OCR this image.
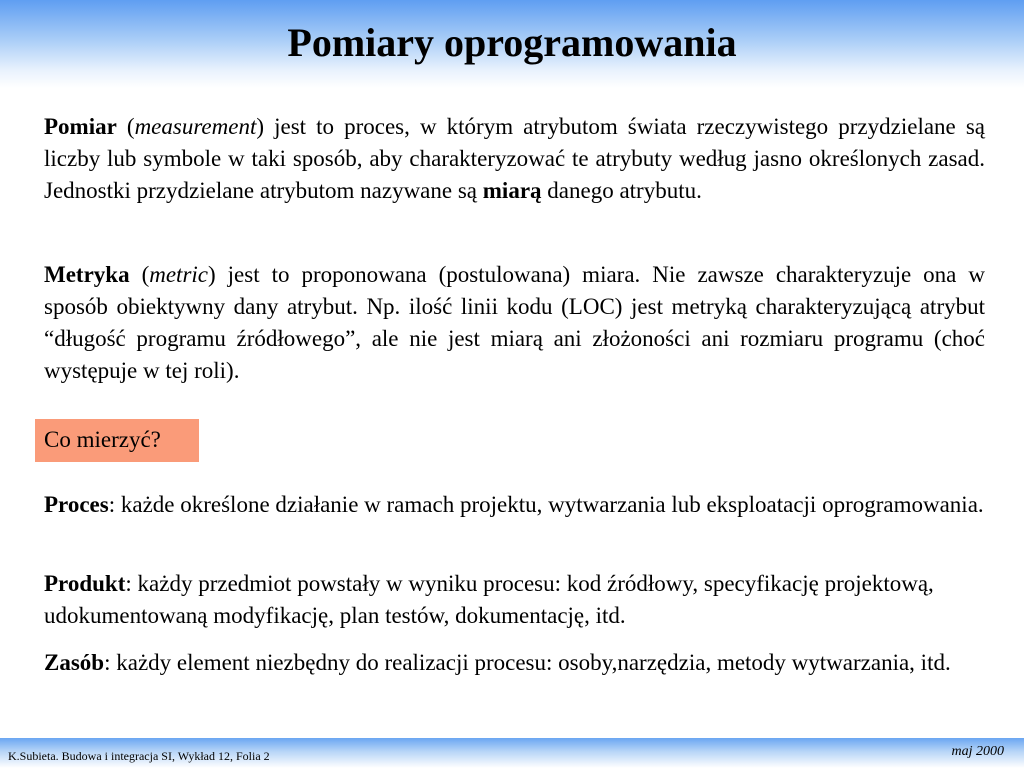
Pomiary oprogramowania

Pomiar (measurement) jest to proces, w którym atrybutom świata rzeczywistego przydzielane są liczby lub symbole w taki sposób, aby charakteryzować te atrybuty według jasno określonych zasad. Jednostki przydzielane atrybutom nazywane są miarą danego atrybutu.

Metryka (metric) jest to proponowana (postulowana) miara. Nie zawsze charakteryzuje ona w sposób obiektywny dany atrybut. Np. ilość linii kodu (LOC) jest metryką charakteryzującą atrybut “długość programu źródłowego”, ale nie jest miarą ani złożoności ani rozmiaru programu (choć występuje w tej roli).

Co mierzyć?

Proces: każde określone działanie w ramach projektu, wytwarzania lub eksploatacji oprogramowania.

Produkt: każdy przedmiot powstały w wyniku procesu: kod źródłowy, specyfikację projektową, udokumentowaną modyfikację, plan testów, dokumentację, itd.

Zasób: każdy element niezbędny do realizacji procesu: osoby,narzędzia, metody wytwarzania, itd.

K.Subieta. Budowa i integracja SI, Wykład 12, Folia 2	maj 2000
